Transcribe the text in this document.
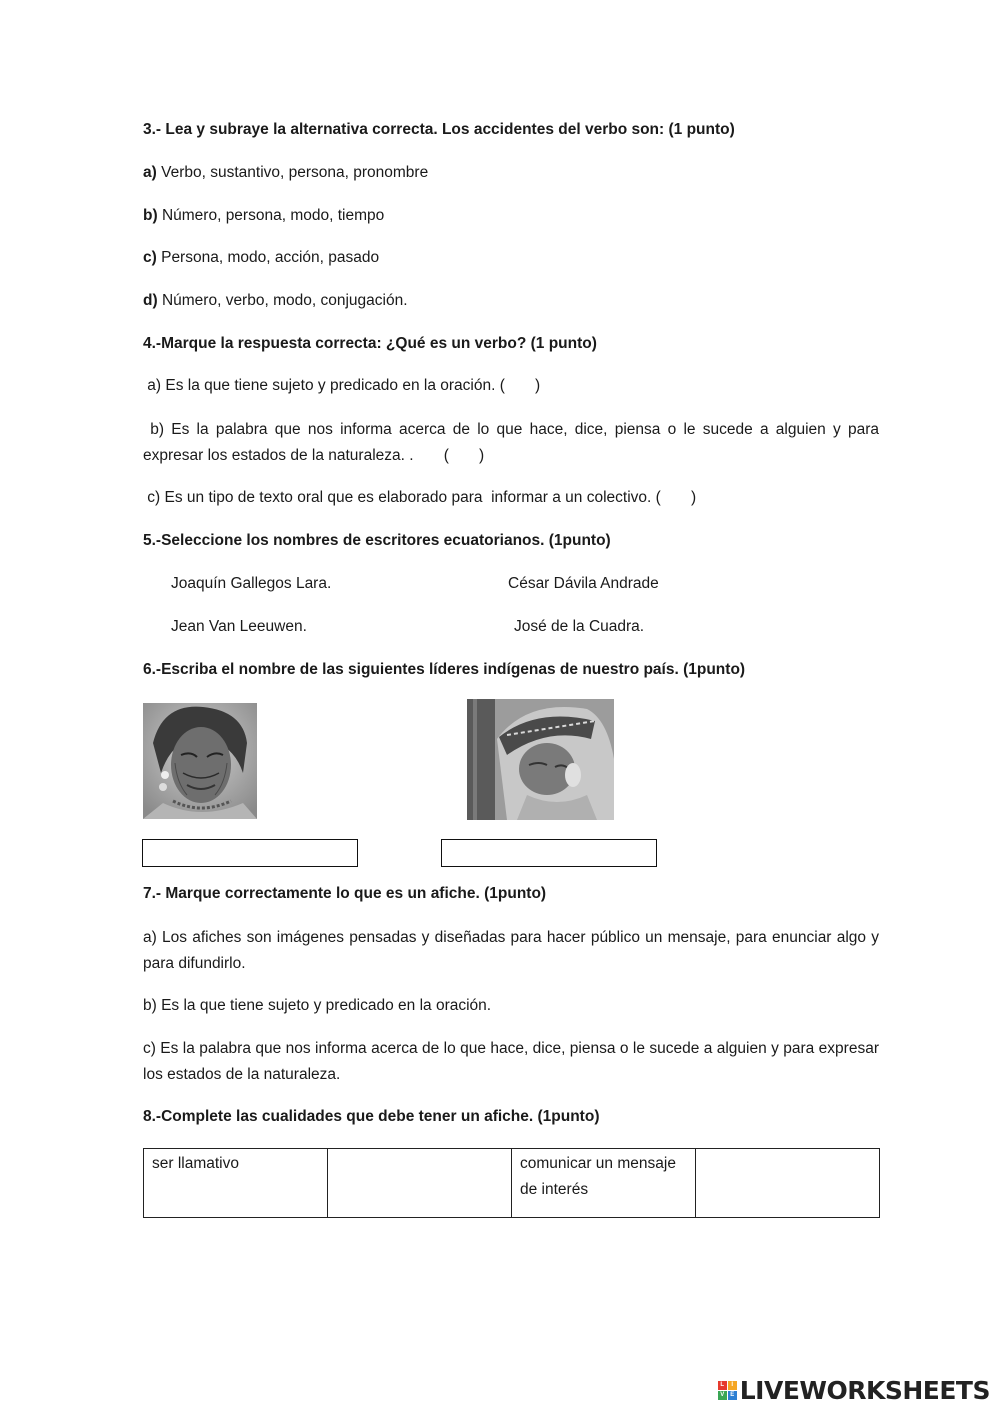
3.- Lea y subraye la alternativa correcta. Los accidentes del verbo son: (1 punto)
a) Verbo, sustantivo, persona, pronombre
b) Número, persona, modo, tiempo
c) Persona, modo, acción, pasado
d) Número, verbo, modo, conjugación.
4.-Marque la respuesta correcta: ¿Qué es un verbo? (1 punto)
a) Es la que tiene sujeto y predicado en la oración. (       )
b) Es la palabra que nos informa acerca de lo que hace, dice, piensa o le sucede a alguien y para expresar los estados de la naturaleza. .       (       )
c) Es un tipo de texto oral que es elaborado para  informar a un colectivo. (       )
5.-Seleccione los nombres de escritores ecuatorianos. (1punto)
Joaquín Gallegos Lara.	César Dávila Andrade
Jean Van Leeuwen.	José de la Cuadra.
6.-Escriba el nombre de las siguientes líderes indígenas de nuestro país. (1punto)
7.- Marque correctamente lo que es un afiche. (1punto)
a) Los afiches son imágenes pensadas y diseñadas para hacer público un mensaje, para enunciar algo y para difundirlo.
b) Es la que tiene sujeto y predicado en la oración.
c) Es la palabra que nos informa acerca de lo que hace, dice, piensa o le sucede a alguien y para expresar los estados de la naturaleza.
8.-Complete las cualidades que debe tener un afiche. (1punto)
ser llamativo		comunicar un mensaje de interés	
L	I
V E LIVEWORKSHEETS
